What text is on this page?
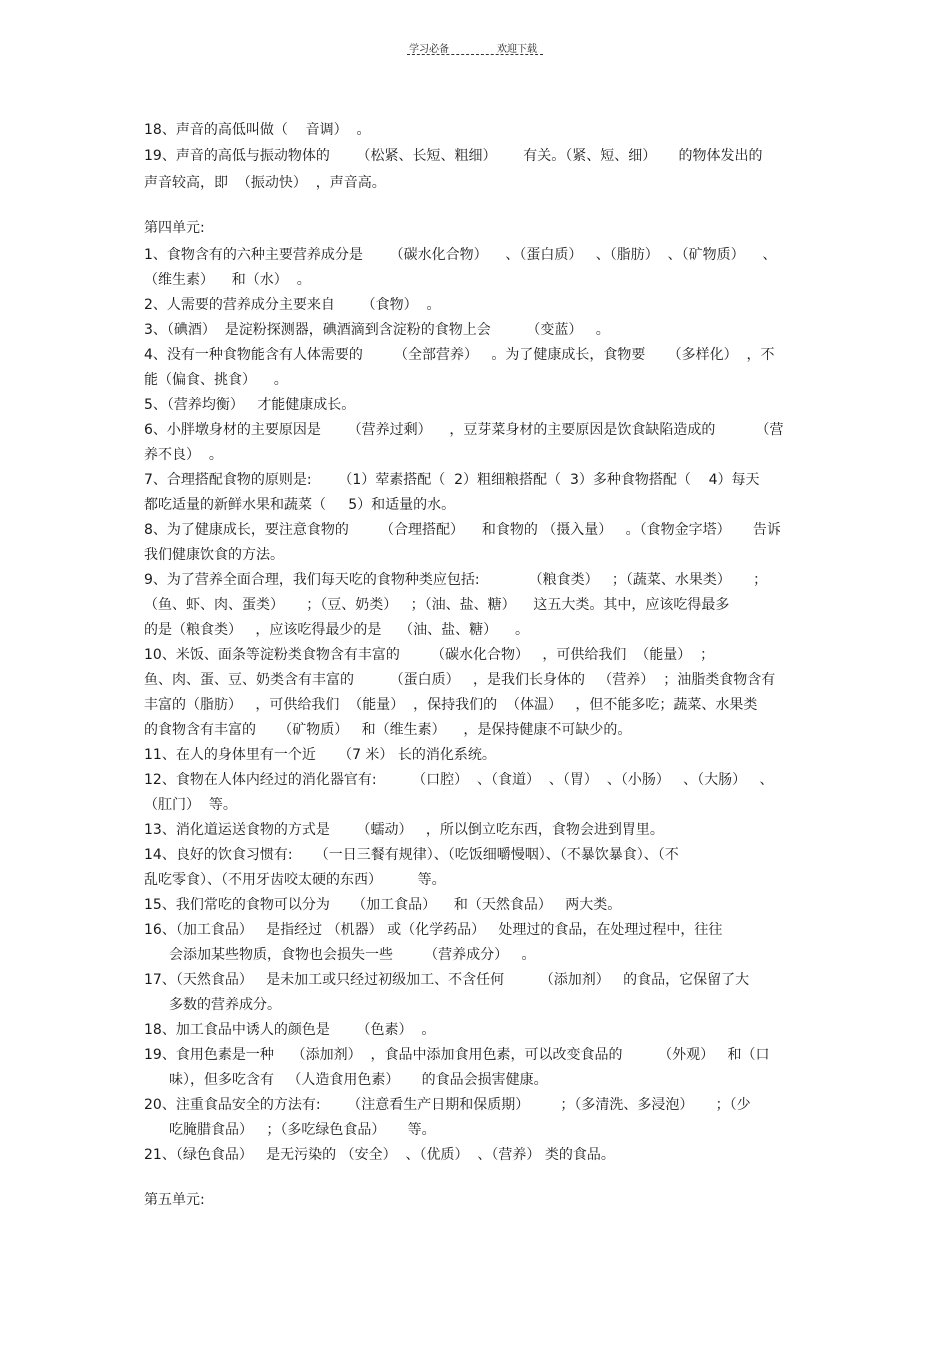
学习必备	欢迎下载
18、声音的高低叫做（    音调）  。
19、声音的高低与振动物体的      （松紧、长短、粗细）      有关。（紧、短、细）     的物体发出的
声音较高，即  （振动快）  ，声音高。
第四单元:
1、食物含有的六种主要营养成分是      （碳水化合物）    、（蛋白质）   、（脂肪）  、（矿物质）    、
（维生素）    和（水）  。
2、人需要的营养成分主要来自      （食物）  。
3、（碘酒）  是淀粉探测器，碘酒滴到含淀粉的食物上会        （变蓝）   。
4、没有一种食物能含有人体需要的       （全部营养）   。为了健康成长，食物要     （多样化）  ，不
能（偏食、挑食）    。
5、（营养均衡）   才能健康成长。
6、小胖墩身材的主要原因是      （营养过剩）    ，豆芽菜身材的主要原因是饮食缺陷造成的         （营
养不良）  。
7、合理搭配食物的原则是:      （1）荤素搭配（  2）粗细粮搭配（  3）多种食物搭配（    4）每天
都吃适量的新鲜水果和蔬菜（     5）和适量的水。
8、为了健康成长，要注意食物的       （合理搭配）    和食物的 （摄入量）   。（食物金字塔）     告诉
我们健康饮食的方法。
9、为了营养全面合理，我们每天吃的食物种类应包括:           （粮食类）   ；（蔬菜、水果类）     ；
（鱼、虾、肉、蛋类）     ；（豆、奶类）   ；（油、盐、糖）    这五大类。其中，应该吃得最多
的是（粮食类）   ，应该吃得最少的是    （油、盐、糖）    。
10、米饭、面条等淀粉类食物含有丰富的       （碳水化合物）   ，可供给我们  （能量）  ；
鱼、肉、蛋、豆、奶类含有丰富的        （蛋白质）   ，是我们长身体的   （营养）  ；油脂类食物含有
丰富的（脂肪）   ，可供给我们  （能量）  ，保持我们的  （体温）   ，但不能多吃；蔬菜、水果类
的食物含有丰富的     （矿物质）   和（维生素）    ，是保持健康不可缺少的。
11、在人的身体里有一个近     （7 米） 长的消化系统。
12、食物在人体内经过的消化器官有:        （口腔）  、（食道）  、（胃）  、（小肠）   、（大肠）   、
（肛门）  等。
13、消化道运送食物的方式是      （蠕动）   ，所以倒立吃东西，食物会进到胃里。
14、良好的饮食习惯有:     （一日三餐有规律）、（吃饭细嚼慢咽）、（不暴饮暴食）、（不
乱吃零食）、（不用牙齿咬太硬的东西）        等。
15、我们常吃的食物可以分为     （加工食品）    和（天然食品）   两大类。
16、（加工食品）   是指经过 （机器） 或（化学药品）   处理过的食品，在处理过程中，往往
会添加某些物质，食物也会损失一些       （营养成分）   。
17、（天然食品）   是未加工或只经过初级加工、不含任何        （添加剂）   的食品，它保留了大
多数的营养成分。
18、加工食品中诱人的颜色是      （色素）  。
19、食用色素是一种    （添加剂）  ，食品中添加食用色素，可以改变食品的        （外观）   和（口
味），但多吃含有   （人造食用色素）     的食品会损害健康。
20、注重食品安全的方法有:      （注意看生产日期和保质期）       ；（多清洗、多浸泡）     ；（少
吃腌腊食品）   ；（多吃绿色食品）     等。
21、（绿色食品）   是无污染的 （安全）  、（优质）  、（营养） 类的食品。
第五单元:
